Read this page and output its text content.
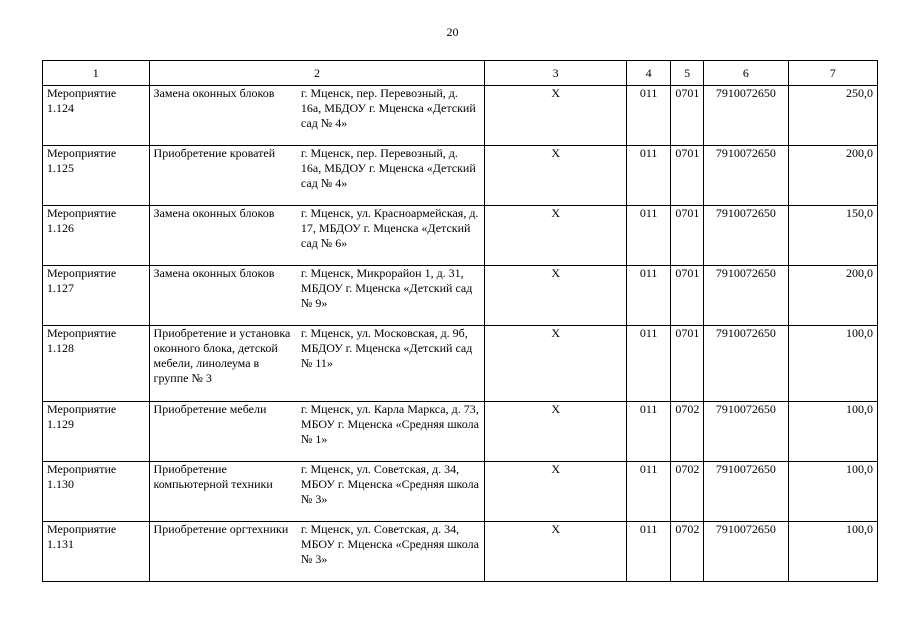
20
1	2		3	4	5	6	7
Мероприятие 1.124	Замена оконных блоков	г. Мценск, пер. Перевозный, д. 16а, МБДОУ г. Мценска «Детский сад № 4»	Х	011	0701	7910072650	250,0
Мероприятие 1.125	Приобретение кроватей	г. Мценск, пер. Перевозный, д. 16а, МБДОУ г. Мценска «Детский сад № 4»	Х	011	0701	7910072650	200,0
Мероприятие 1.126	Замена оконных блоков	г. Мценск, ул. Красноармейская, д. 17, МБДОУ г. Мценска «Детский сад № 6»	Х	011	0701	7910072650	150,0
Мероприятие 1.127	Замена оконных блоков	г. Мценск, Микрорайон 1, д. 31, МБДОУ г. Мценска «Детский сад № 9»	Х	011	0701	7910072650	200,0
Мероприятие 1.128	Приобретение и установка оконного блока, детской мебели, линолеума в группе № 3	г. Мценск, ул. Московская, д. 9б, МБДОУ г. Мценска «Детский сад № 11»	Х	011	0701	7910072650	100,0
Мероприятие 1.129	Приобретение мебели	г. Мценск, ул. Карла Маркса, д. 73, МБОУ г. Мценска «Средняя школа № 1»	Х	011	0702	7910072650	100,0
Мероприятие 1.130	Приобретение компьютерной техники	г. Мценск, ул. Советская, д. 34, МБОУ г. Мценска «Средняя школа № 3»	Х	011	0702	7910072650	100,0
Мероприятие 1.131	Приобретение оргтехники	г. Мценск, ул. Советская, д. 34, МБОУ г. Мценска «Средняя школа № 3»	Х	011	0702	7910072650	100,0
